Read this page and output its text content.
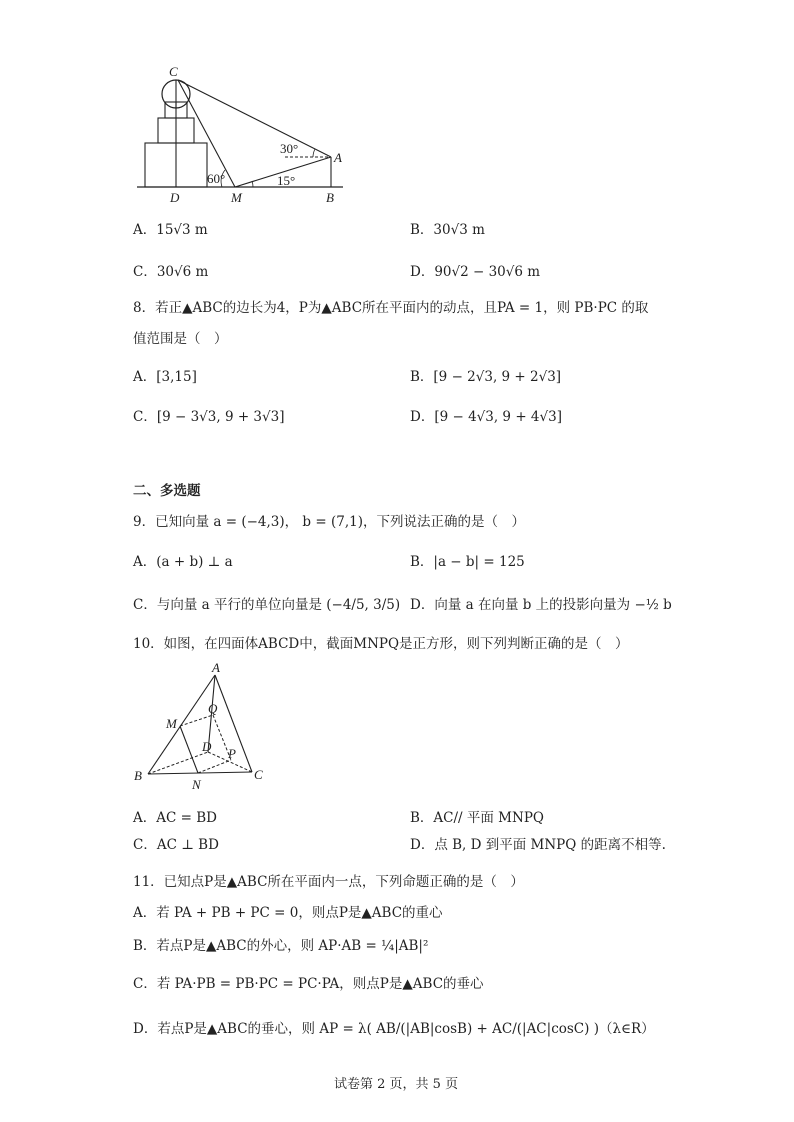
C
A
D	M	B
30°
60°	15°
A．15√3 m	B．30√3 m
C．30√6 m	D．90√2 − 30√6 m
8．若正▲ABC的边长为4，P为▲ABC所在平面内的动点，且PA = 1，则 PB·PC 的取
值范围是（　）
A．[3,15]	B．[9 − 2√3, 9 + 2√3]
C．[9 − 3√3, 9 + 3√3]	D．[9 − 4√3, 9 + 4√3]
二、多选题
9．已知向量 a = (−4,3)， b = (7,1)，下列说法正确的是（　）
A．(a + b) ⊥ a	B．|a − b| = 125
C．与向量 a 平行的单位向量是 (−4/5, 3/5) D．向量 a 在向量 b 上的投影向量为 −½ b
10．如图，在四面体ABCD中，截面MNPQ是正方形，则下列判断正确的是（　）
A
M
Q
D P
B
N
C
A．AC = BD	B．AC// 平面 MNPQ
C．AC ⊥ BD	D．点 B, D 到平面 MNPQ 的距离不相等.
11．已知点P是▲ABC所在平面内一点，下列命题正确的是（　）
A．若 PA + PB + PC = 0，则点P是▲ABC的重心
B．若点P是▲ABC的外心，则 AP·AB = ¼|AB|²
C．若 PA·PB = PB·PC = PC·PA，则点P是▲ABC的垂心
D．若点P是▲ABC的垂心，则 AP = λ( AB/(|AB|cosB) + AC/(|AC|cosC) )（λ∈R）
试卷第 2 页，共 5 页
